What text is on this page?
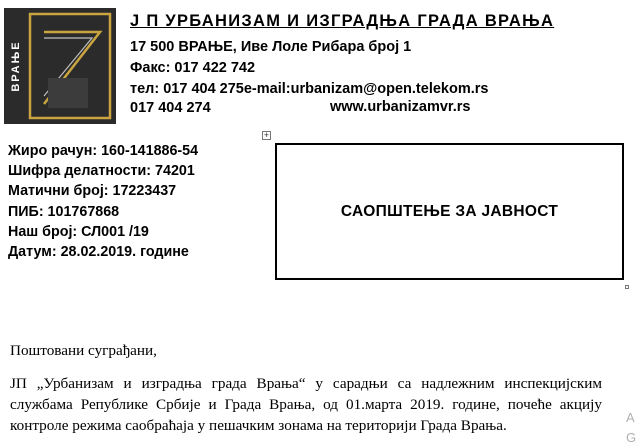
ВРАЊЕ
Ј П УРБАНИЗАМ И ИЗГРАДЊА ГРАДА ВРАЊА
17 500 ВРАЊЕ, Иве Лоле Рибара број 1
Факс: 017 422 742
тел: 017 404 275e-mail:urbanizam@open.telekom.rs
017 404 274	www.urbanizamvr.rs
Жиро рачун: 160-141886-54
Шифра делатности: 74201
Матични број: 17223437
ПИБ: 101767868
Наш број: СЛ001 /19
Датум: 28.02.2019. године
+
САОПШТЕЊЕ ЗА ЈАВНОСТ
Поштовани суграђани,
ЈП „Урбанизам и изградња града Врања“ у сарадњи са надлежним инспекцијским службама Републике Србије и Града Врања, од 01.марта 2019. године, почеће акцију контроле режима саобраћаја у пешачким зонама на територији Града Врања.	A
G
